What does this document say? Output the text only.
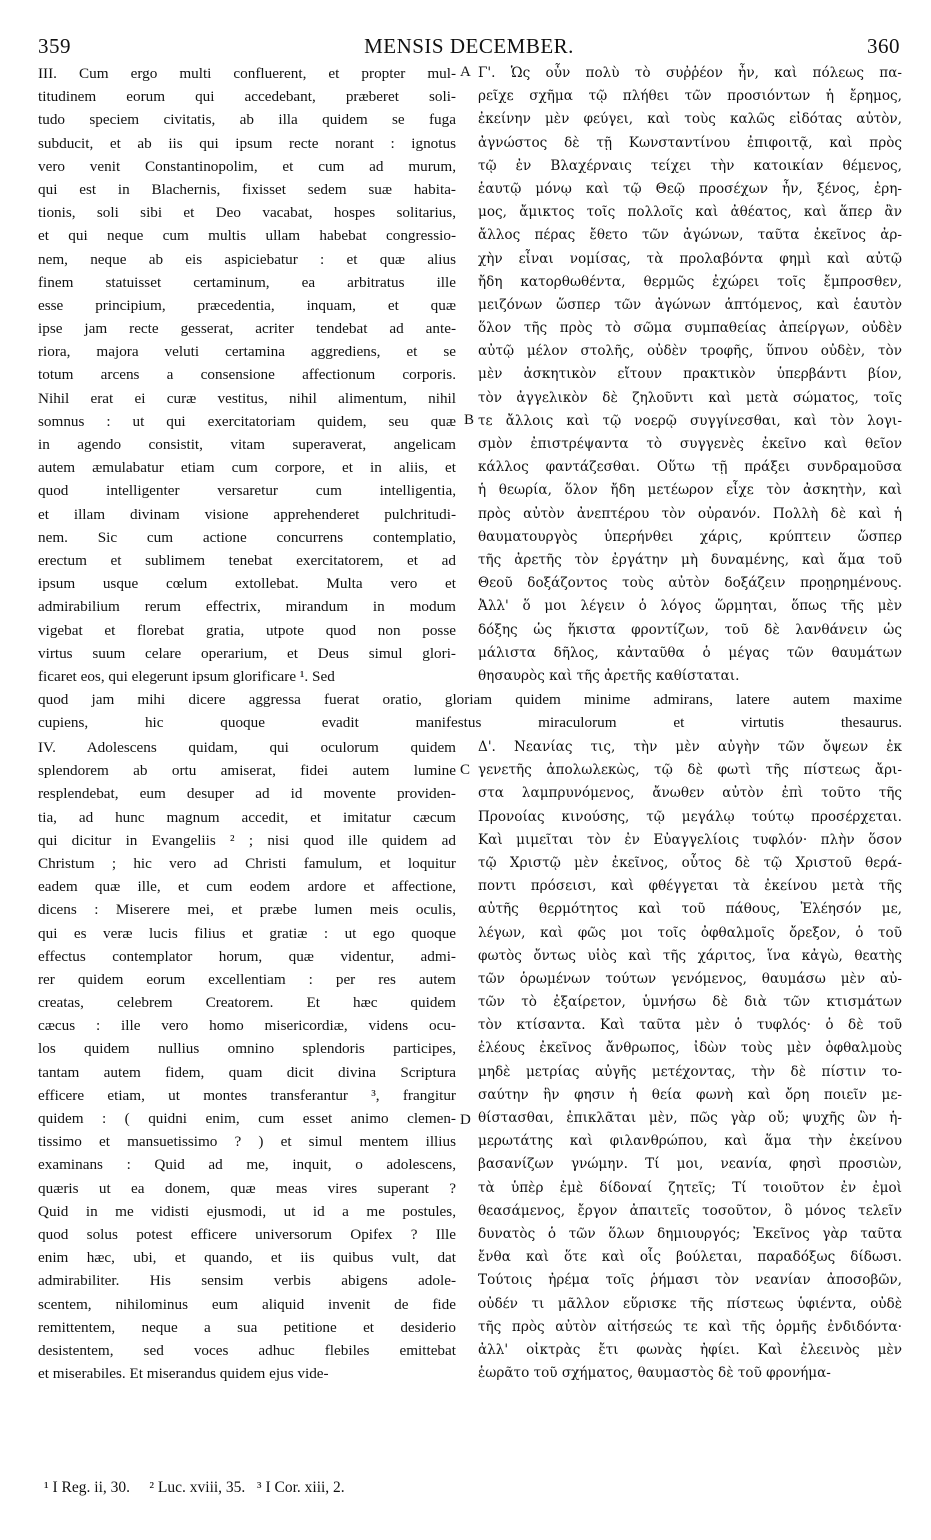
359	MENSIS DECEMBER.	360
III. Cum ergo multi confluerent, et propter mul-
titudinem eorum qui accedebant, præberet soli-
tudo speciem civitatis, ab illa quidem se fuga
subducit, et ab iis qui ipsum recte norant : ignotus
vero venit Constantinopolim, et cum ad murum,
qui est in Blachernis, fixisset sedem suæ habita-
tionis, soli sibi et Deo vacabat, hospes solitarius,
et qui neque cum multis ullam habebat congressio-
nem, neque ab eis aspiciebatur : et quæ alius
finem statuisset certaminum, ea arbitratus ille
esse principium, præcedentia, inquam, et quæ
ipse jam recte gesserat, acriter tendebat ad ante-
riora, majora veluti certamina aggrediens, et se
totum arcens a consensione affectionum corporis.
Nihil erat ei curæ vestitus, nihil alimentum, nihil
somnus : ut qui exercitatoriam quidem, seu quæ
in agendo consistit, vitam superaverat, angelicam
autem æmulabatur etiam cum corpore, et in aliis, et
quod intelligenter versaretur cum intelligentia,
et illam divinam visione apprehenderet pulchritudi-
nem. Sic cum actione concurrens contemplatio,
erectum et sublimem tenebat exercitatorem, et ad
ipsum usque cœlum extollebat. Multa vero et
admirabilium rerum effectrix, mirandum in modum
vigebat et florebat gratia, utpote quod non posse
virtus suum celare operarium, et Deus simul glori-
ficaret eos, qui elegerunt ipsum glorificare ¹. Sed
Γ'. Ὡς οὖν πολὺ τὸ συῤῥέον ἦν, καὶ πόλεως πα-
ρεῖχε σχῆμα τῷ πλήθει τῶν προσιόντων ἡ ἔρημος,
ἐκείνην μὲν φεύγει, καὶ τοὺς καλῶς εἰδότας αὐτὸν,
ἀγνώστος δὲ τῇ Κωνσταντίνου ἐπιφοιτᾷ, καὶ πρὸς
τῷ ἐν Βλαχέρναις τείχει τὴν κατοικίαν θέμενος,
ἑαυτῷ μόνῳ καὶ τῷ Θεῷ προσέχων ἦν, ξένος, ἐρη-
μος, ἄμικτος τοῖς πολλοῖς καὶ ἀθέατος, καὶ ἅπερ ἂν
ἄλλος πέρας ἔθετο τῶν ἀγώνων, ταῦτα ἐκεῖνος ἀρ-
χὴν εἶναι νομίσας, τὰ προλαβόντα φημὶ καὶ αὐτῷ
ἤδη κατορθωθέντα, θερμῶς ἐχώρει τοῖς ἔμπροσθεν,
μειζόνων ὥσπερ τῶν ἀγώνων ἁπτόμενος, καὶ ἑαυτὸν
ὅλον τῆς πρὸς τὸ σῶμα συμπαθείας ἀπείργων, οὐδὲν
αὐτῷ μέλον στολῆς, οὐδὲν τροφῆς, ὕπνου οὐδὲν, τὸν
μὲν ἀσκητικὸν εἴτουν πρακτικὸν ὑπερβάντι βίον,
τὸν ἀγγελικὸν δὲ ζηλοῦντι καὶ μετὰ σώματος, τοῖς
τε ἄλλοις καὶ τῷ νοερῷ συγγίνεσθαι, καὶ τὸν λογι-
σμὸν ἐπιστρέψαντα τὸ συγγενὲς ἐκεῖνο καὶ θεῖον
κάλλος φαντάζεσθαι. Οὕτω τῇ πράξει συνδραμοῦσα
ἡ θεωρία, ὅλον ἤδη μετέωρον εἶχε τὸν ἀσκητὴν, καὶ
πρὸς αὐτὸν ἀνεπτέρου τὸν οὐρανόν. Πολλὴ δὲ καὶ ἡ
θαυματουργὸς ὑπερήνθει χάρις, κρύπτειν ὥσπερ
τῆς ἀρετῆς τὸν ἐργάτην μὴ δυναμένης, καὶ ἅμα τοῦ
Θεοῦ δοξάζοντος τοὺς αὐτὸν δοξάζειν προῃρημένους.
Ἀλλ' ὅ μοι λέγειν ὁ λόγος ὥρμηται, ὅπως τῆς μὲν
δόξης ὡς ἥκιστα φροντίζων, τοῦ δὲ λανθάνειν ὡς
μάλιστα δῆλος, κἀνταῦθα ὁ μέγας τῶν θαυμάτων
θησαυρὸς καὶ τῆς ἀρετῆς καθίσταται.
quod jam mihi dicere aggressa fuerat oratio, gloriam quidem minime admirans, latere autem maxime
cupiens, hic quoque evadit manifestus miraculorum et virtutis thesaurus.
IV. Adolescens quidam, qui oculorum quidem
splendorem ab ortu amiserat, fidei autem lumine
resplendebat, eum desuper ad id movente providen-
tia, ad hunc magnum accedit, et imitatur cæcum
qui dicitur in Evangeliis ² ; nisi quod ille quidem ad
Christum ; hic vero ad Christi famulum, et loquitur
eadem quæ ille, et cum eodem ardore et affectione,
dicens : Miserere mei, et præbe lumen meis oculis,
qui es veræ lucis filius et gratiæ : ut ego quoque
effectus contemplator horum, quæ videntur, admi-
rer quidem eorum excellentiam : per res autem
creatas, celebrem Creatorem. Et hæc quidem
cæcus : ille vero homo misericordiæ, videns ocu-
los quidem nullius omnino splendoris participes,
tantam autem fidem, quam dicit divina Scriptura
efficere etiam, ut montes transferantur ³, frangitur
quidem : ( quidni enim, cum esset animo clemen-
tissimo et mansuetissimo ? ) et simul mentem illius
examinans : Quid ad me, inquit, o adolescens,
quæris ut ea donem, quæ meas vires superant ?
Quid in me vidisti ejusmodi, ut id a me postules,
quod solus potest efficere universorum Opifex ? Ille
enim hæc, ubi, et quando, et iis quibus vult, dat
admirabiliter. His sensim verbis abigens adole-
scentem, nihilominus eum aliquid invenit de fide
remittentem, neque a sua petitione et desiderio
desistentem, sed voces adhuc flebiles emittebat
et miserabiles. Et miserandus quidem ejus vide-
Δ'. Νεανίας τις, τὴν μὲν αὐγὴν τῶν ὄψεων ἐκ
γενετῆς ἀπολωλεκὼς, τῷ δὲ φωτὶ τῆς πίστεως ἄρι-
στα λαμπρυνόμενος, ἄνωθεν αὐτὸν ἐπὶ τοῦτο τῆς
Προνοίας κινούσης, τῷ μεγάλῳ τούτῳ προσέρχεται.
Καὶ μιμεῖται τὸν ἐν Εὐαγγελίοις τυφλόν· πλὴν ὅσον
τῷ Χριστῷ μὲν ἐκεῖνος, οὗτος δὲ τῷ Χριστοῦ θερά-
ποντι πρόσεισι, καὶ φθέγγεται τὰ ἐκείνου μετὰ τῆς
αὐτῆς θερμότητος καὶ τοῦ πάθους, Ἐλέησόν με,
λέγων, καὶ φῶς μοι τοῖς ὀφθαλμοῖς ὄρεξον, ὁ τοῦ
φωτὸς ὄντως υἱὸς καὶ τῆς χάριτος, ἵνα κἀγὼ, θεατὴς
τῶν ὁρωμένων τούτων γενόμενος, θαυμάσω μὲν αὐ-
τῶν τὸ ἐξαίρετον, ὑμνήσω δὲ διὰ τῶν κτισμάτων
τὸν κτίσαντα. Καὶ ταῦτα μὲν ὁ τυφλός· ὁ δὲ τοῦ
ἐλέους ἐκεῖνος ἄνθρωπος, ἰδὼν τοὺς μὲν ὀφθαλμοὺς
μηδὲ μετρίας αὐγῆς μετέχοντας, τὴν δὲ πίστιν το-
σαύτην ἣν φησιν ἡ θεία φωνὴ καὶ ὄρη ποιεῖν με-
θίστασθαι, ἐπικλᾶται μὲν, πῶς γὰρ οὔ; ψυχῆς ὢν ἡ-
μερωτάτης καὶ φιλανθρώπου, καὶ ἅμα τὴν ἐκείνου
βασανίζων γνώμην. Τί μοι, νεανία, φησὶ προσιὼν,
τὰ ὑπὲρ ἐμὲ δίδοναί ζητεῖς; Τί τοιοῦτον ἐν ἐμοὶ
θεασάμενος, ἔργον ἀπαιτεῖς τοσοῦτον, ὃ μόνος τελεῖν
δυνατὸς ὁ τῶν ὅλων δημιουργός; Ἐκεῖνος γὰρ ταῦτα
ἔνθα καὶ ὅτε καὶ οἷς βούλεται, παραδόξως δίδωσι.
Τούτοις ἠρέμα τοῖς ῥήμασι τὸν νεανίαν ἀποσοβῶν,
οὐδέν τι μᾶλλον εὕρισκε τῆς πίστεως ὑφιέντα, οὐδὲ
τῆς πρὸς αὐτὸν αἰτήσεώς τε καὶ τῆς ὁρμῆς ἐνδιδόντα·
ἀλλ' οἰκτρὰς ἔτι φωνὰς ἠφίει. Καὶ ἐλεεινὸς μὲν
ἑωρᾶτο τοῦ σχήματος, θαυμαστὸς δὲ τοῦ φρονήμα-
A
B
C
D
¹ I Reg. ii, 30.     ² Luc. xviii, 35.   ³ I Cor. xiii, 2.
